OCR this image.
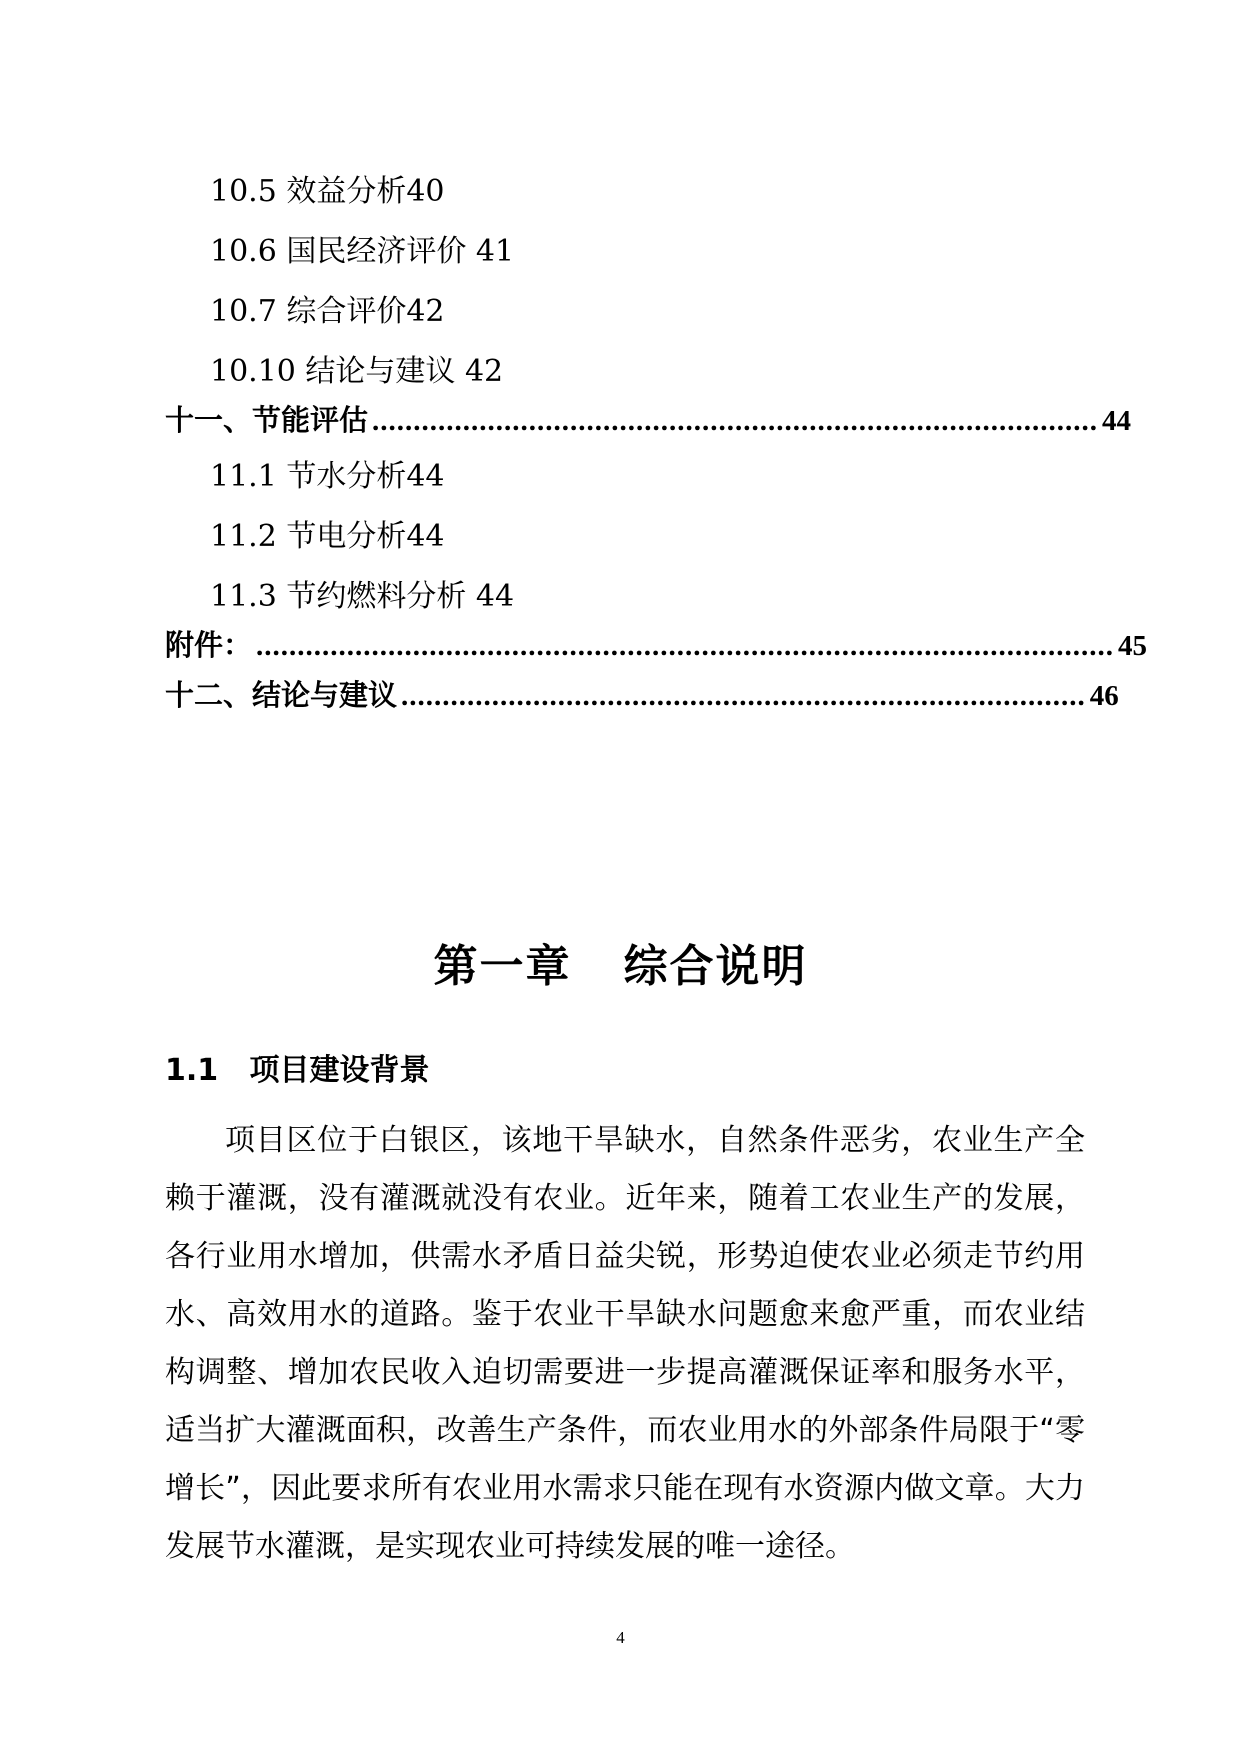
10.5 效益分析40
10.6 国民经济评价 41
10.7 综合评价42
10.10 结论与建议 42
十一、节能评估 ........................................................................................ 44
11.1 节水分析44
11.2 节电分析44
11.3 节约燃料分析 44
附件： ........................................................................................................ 45
十二、结论与建议 ................................................................................... 46
第一章   综合说明
1.1   项目建设背景

项目区位于白银区，该地干旱缺水，自然条件恶劣，农业生产全赖于灌溉，没有灌溉就没有农业。近年来，随着工农业生产的发展，各行业用水增加，供需水矛盾日益尖锐，形势迫使农业必须走节约用水、高效用水的道路。鉴于农业干旱缺水问题愈来愈严重，而农业结构调整、增加农民收入迫切需要进一步提高灌溉保证率和服务水平，适当扩大灌溉面积，改善生产条件，而农业用水的外部条件局限于“零增长”，因此要求所有农业用水需求只能在现有水资源内做文章。大力发展节水灌溉，是实现农业可持续发展的唯一途径。

4
